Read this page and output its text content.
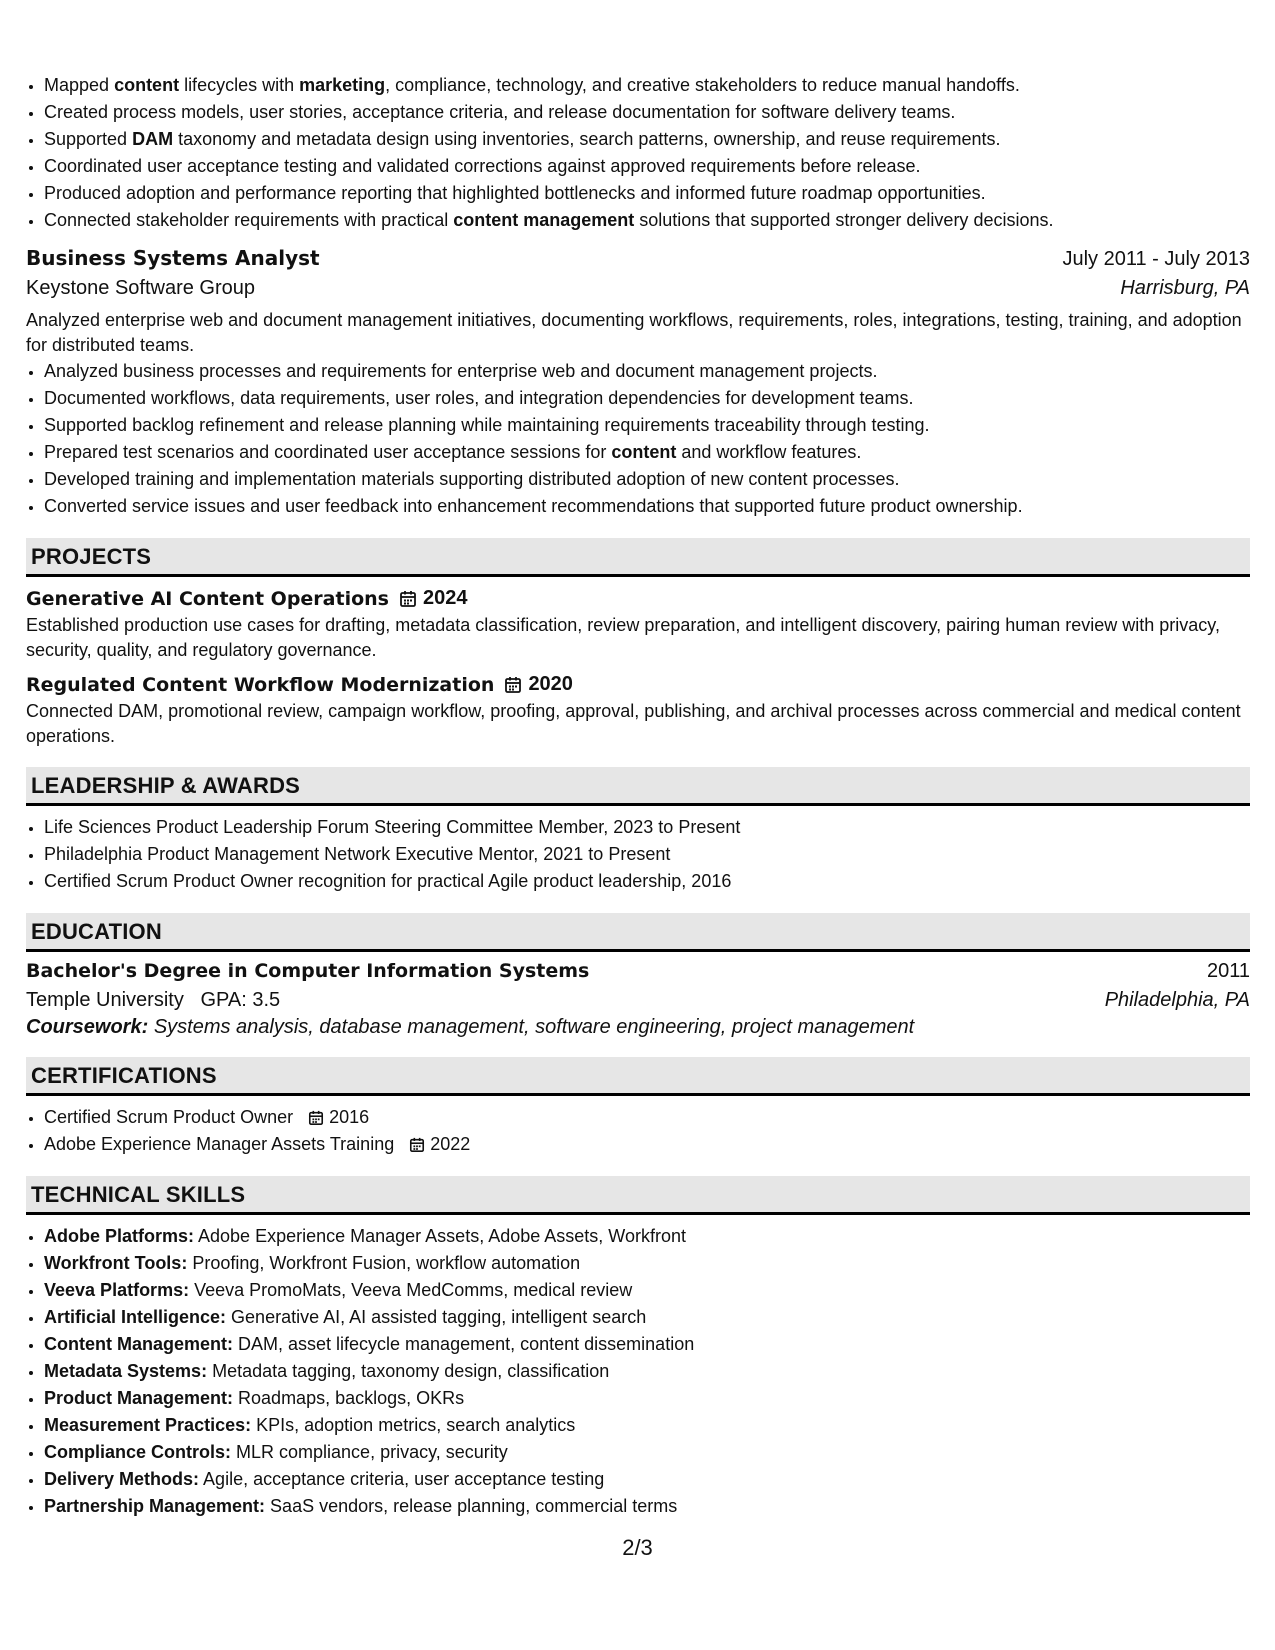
• Mapped content lifecycles with marketing, compliance, technology, and creative stakeholders to reduce manual handoffs.
• Created process models, user stories, acceptance criteria, and release documentation for software delivery teams.
• Supported DAM taxonomy and metadata design using inventories, search patterns, ownership, and reuse requirements.
• Coordinated user acceptance testing and validated corrections against approved requirements before release.
• Produced adoption and performance reporting that highlighted bottlenecks and informed future roadmap opportunities.
• Connected stakeholder requirements with practical content management solutions that supported stronger delivery decisions.
Business Systems Analyst	July 2011 - July 2013
Keystone Software Group	Harrisburg, PA
Analyzed enterprise web and document management initiatives, documenting workflows, requirements, roles, integrations, testing, training, and adoption for distributed teams.
• Analyzed business processes and requirements for enterprise web and document management projects.
• Documented workflows, data requirements, user roles, and integration dependencies for development teams.
• Supported backlog refinement and release planning while maintaining requirements traceability through testing.
• Prepared test scenarios and coordinated user acceptance sessions for content and workflow features.
• Developed training and implementation materials supporting distributed adoption of new content processes.
• Converted service issues and user feedback into enhancement recommendations that supported future product ownership.
PROJECTS
Generative AI Content Operations 2024
Established production use cases for drafting, metadata classification, review preparation, and intelligent discovery, pairing human review with privacy, security, quality, and regulatory governance.
Regulated Content Workflow Modernization 2020
Connected DAM, promotional review, campaign workflow, proofing, approval, publishing, and archival processes across commercial and medical content operations.
LEADERSHIP & AWARDS
• Life Sciences Product Leadership Forum Steering Committee Member, 2023 to Present
• Philadelphia Product Management Network Executive Mentor, 2021 to Present
• Certified Scrum Product Owner recognition for practical Agile product leadership, 2016
EDUCATION
Bachelor's Degree in Computer Information Systems	2011
Temple University GPA: 3.5	Philadelphia, PA
Coursework: Systems analysis, database management, software engineering, project management
CERTIFICATIONS
• Certified Scrum Product Owner 2016
• Adobe Experience Manager Assets Training 2022
TECHNICAL SKILLS
• Adobe Platforms: Adobe Experience Manager Assets, Adobe Assets, Workfront
• Workfront Tools: Proofing, Workfront Fusion, workflow automation
• Veeva Platforms: Veeva PromoMats, Veeva MedComms, medical review
• Artificial Intelligence: Generative AI, AI assisted tagging, intelligent search
• Content Management: DAM, asset lifecycle management, content dissemination
• Metadata Systems: Metadata tagging, taxonomy design, classification
• Product Management: Roadmaps, backlogs, OKRs
• Measurement Practices: KPIs, adoption metrics, search analytics
• Compliance Controls: MLR compliance, privacy, security
• Delivery Methods: Agile, acceptance criteria, user acceptance testing
• Partnership Management: SaaS vendors, release planning, commercial terms
2/3
